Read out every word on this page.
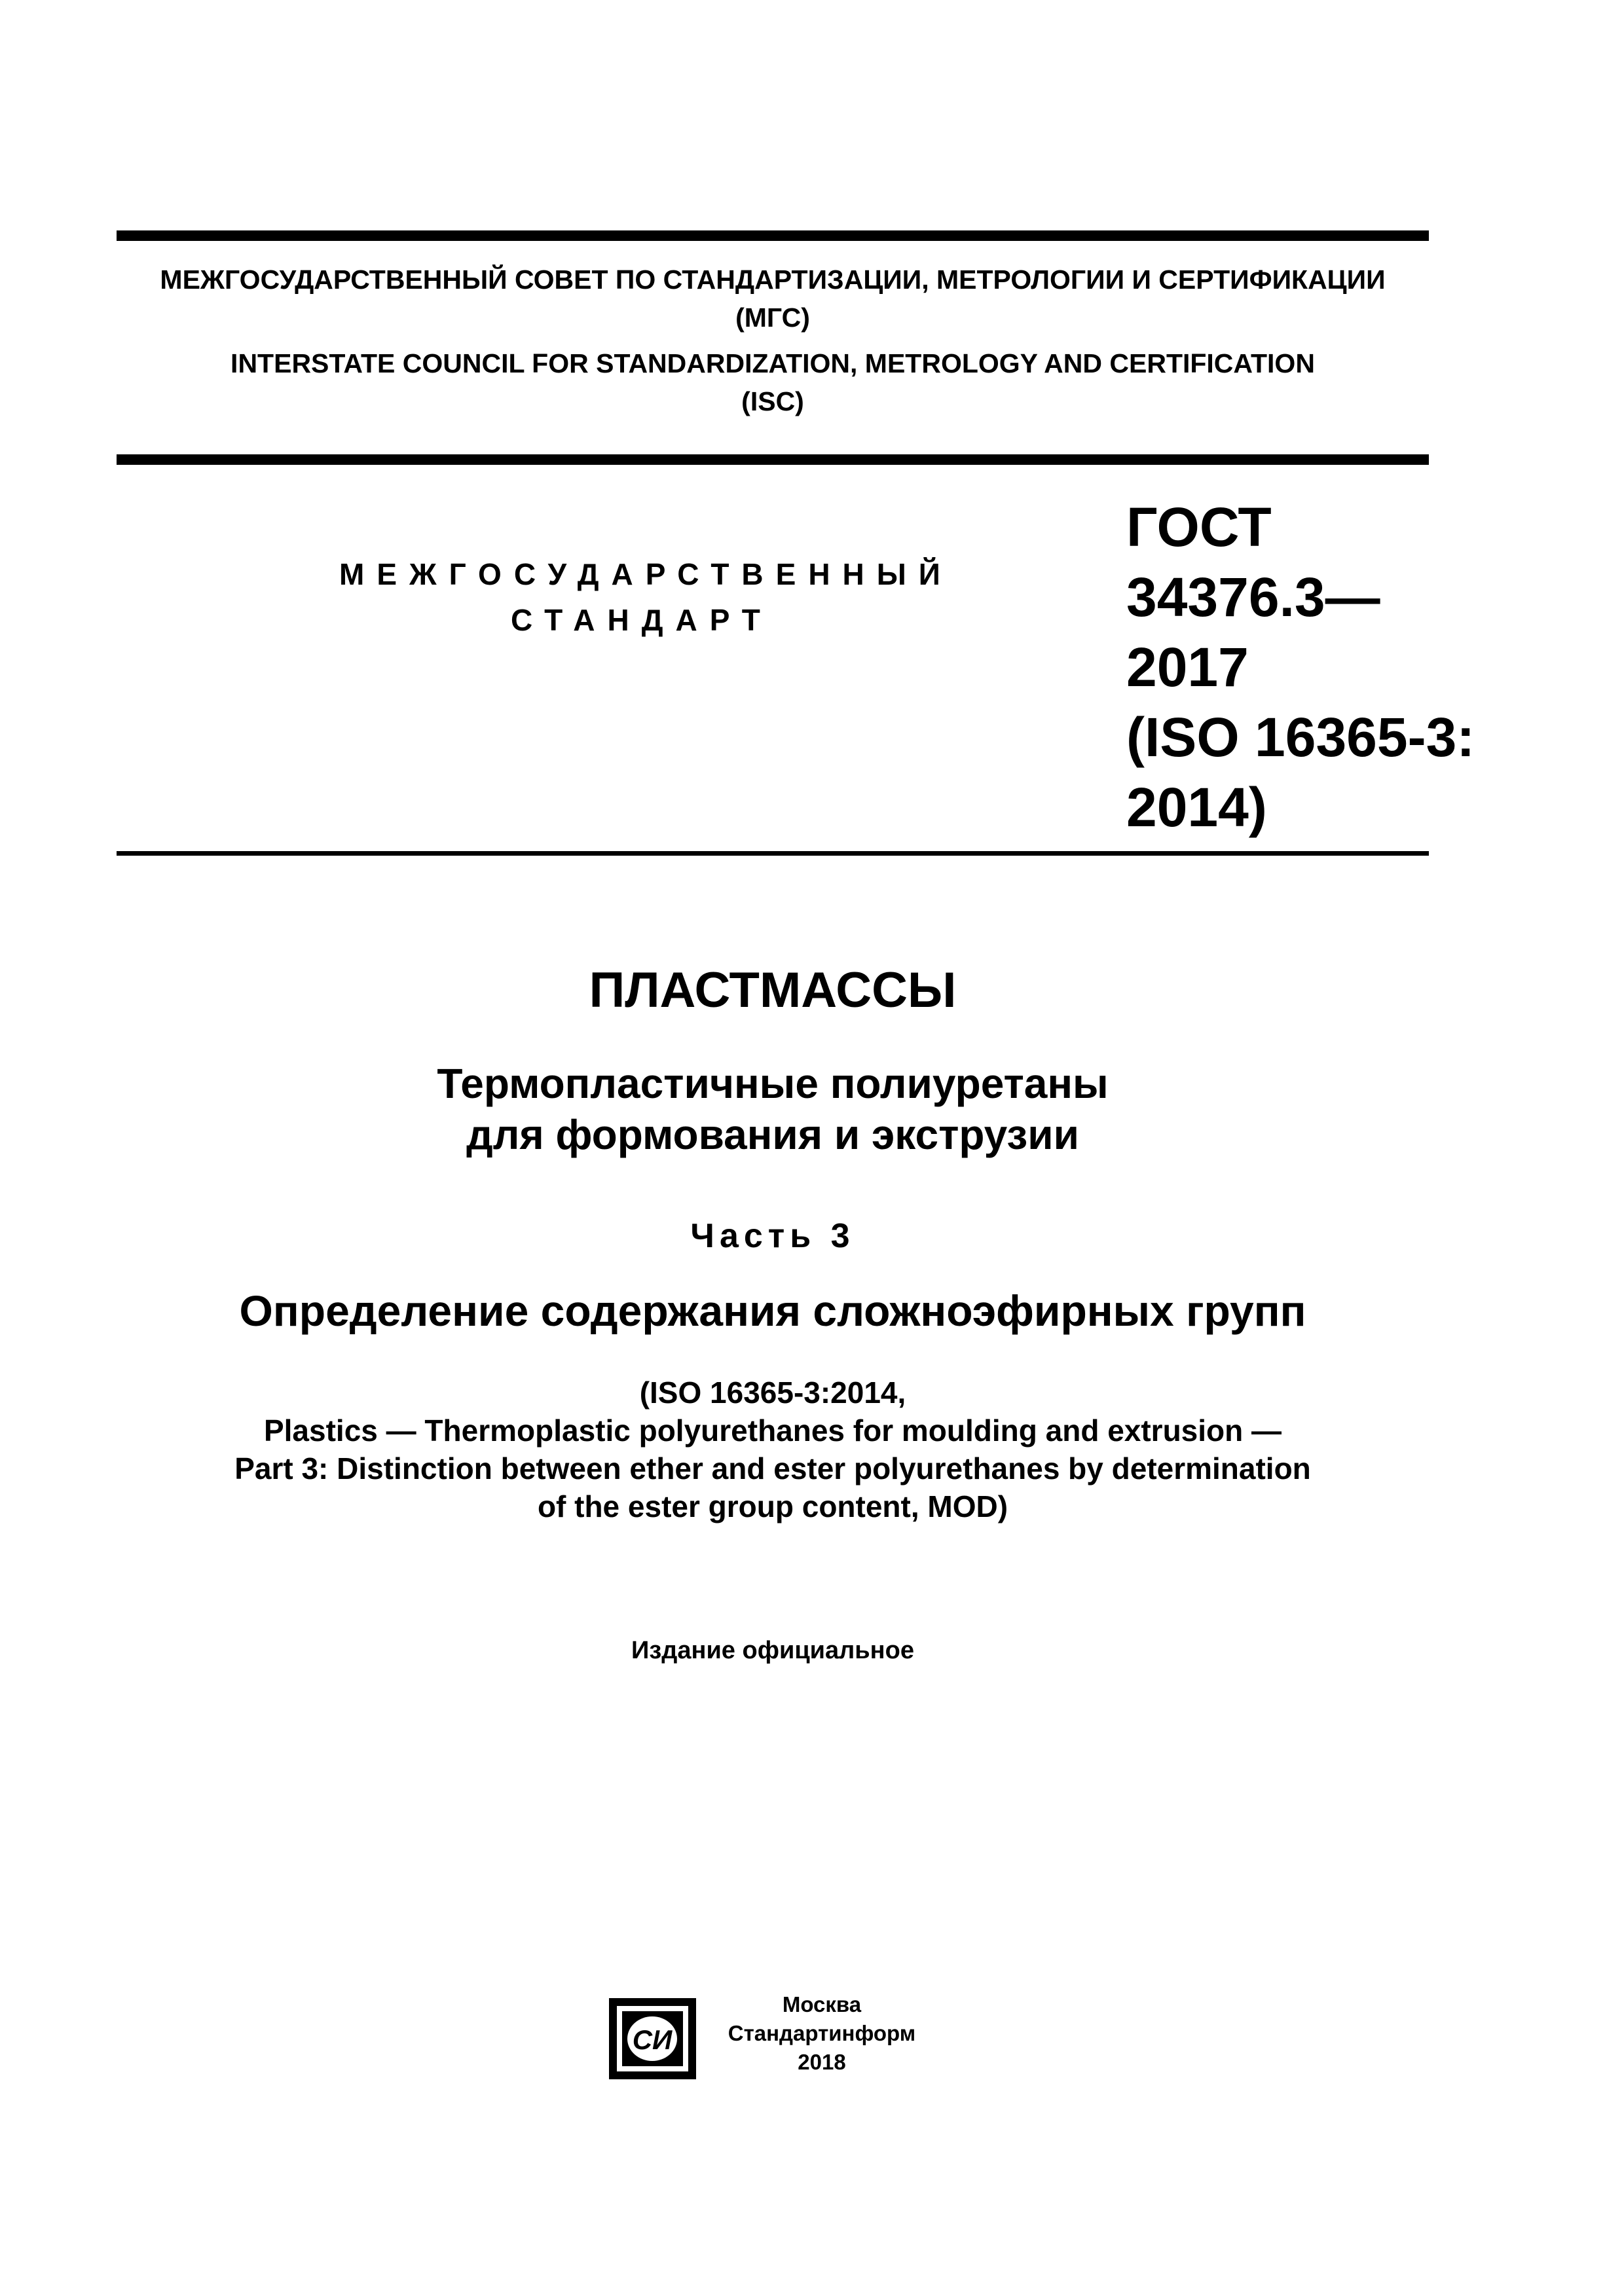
МЕЖГОСУДАРСТВЕННЫЙ СОВЕТ ПО СТАНДАРТИЗАЦИИ, МЕТРОЛОГИИ И СЕРТИФИКАЦИИ
(МГС)
INTERSTATE COUNCIL FOR STANDARDIZATION, METROLOGY AND CERTIFICATION
(ISC)
МЕЖГОСУДАРСТВЕННЫЙ
СТАНДАРТ
ГОСТ
34376.3—
2017
(ISO 16365-3:
2014)
ПЛАСТМАССЫ
Термопластичные полиуретаны
для формования и экструзии
Часть 3
Определение содержания сложноэфирных групп
(ISO 16365-3:2014,
Plastics — Thermoplastic polyurethanes for moulding and extrusion —
Part 3: Distinction between ether and ester polyurethanes by determination
of the ester group content, MOD)
Издание официальное
СИ
Москва
Стандартинформ
2018
